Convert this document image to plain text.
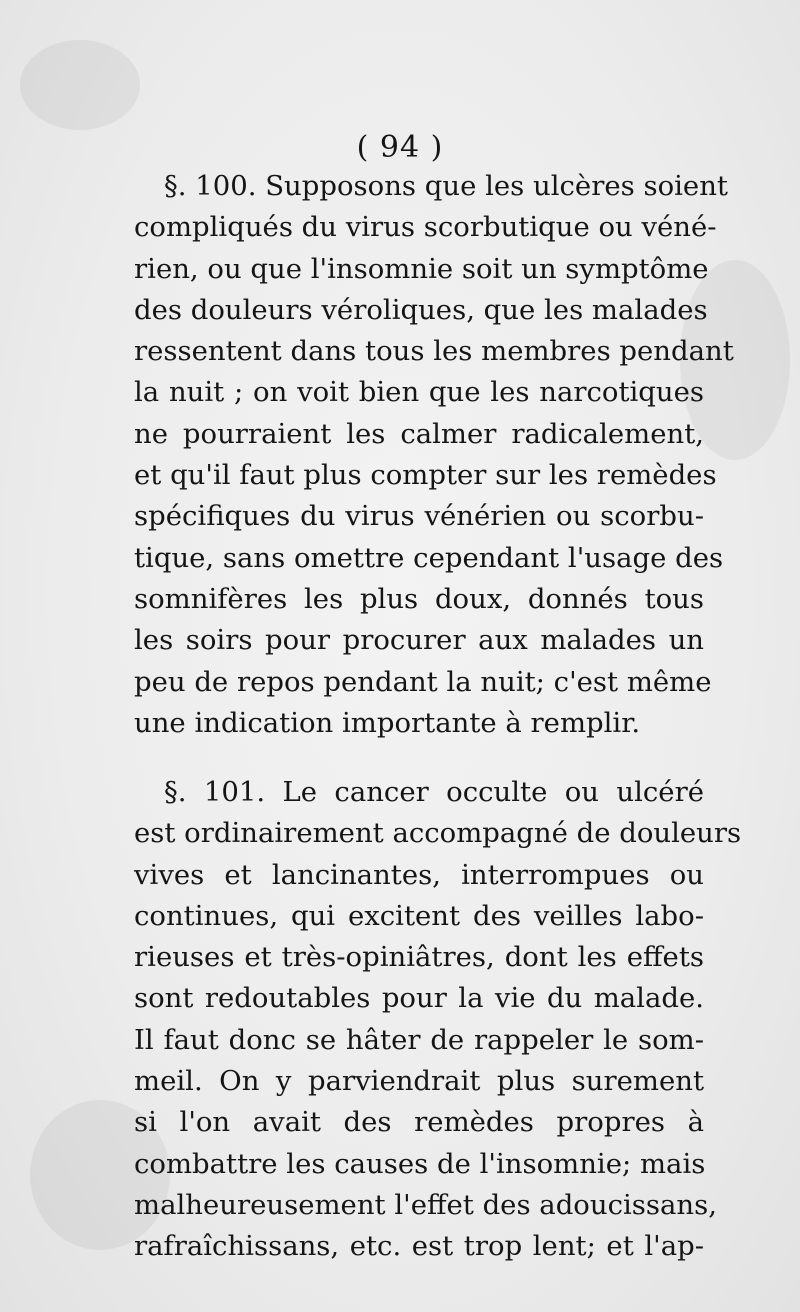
( 94 )
§. 100. Supposons que les ulcères soient
compliqués du virus scorbutique ou véné-
rien, ou que l'insomnie soit un symptôme
des douleurs véroliques, que les malades
ressentent dans tous les membres pendant
la nuit ; on voit bien que les narcotiques
ne pourraient les calmer radicalement,
et qu'il faut plus compter sur les remèdes
spécifiques du virus vénérien ou scorbu-
tique, sans omettre cependant l'usage des
somnifères les plus doux, donnés tous
les soirs pour procurer aux malades un
peu de repos pendant la nuit; c'est même
une indication importante à remplir.
§. 101. Le cancer occulte ou ulcéré
est ordinairement accompagné de douleurs
vives et lancinantes, interrompues ou
continues, qui excitent des veilles labo-
rieuses et très-opiniâtres, dont les effets
sont redoutables pour la vie du malade.
Il faut donc se hâter de rappeler le som-
meil. On y parviendrait plus surement
si l'on avait des remèdes propres à
combattre les causes de l'insomnie; mais
malheureusement l'effet des adoucissans,
rafraîchissans, etc. est trop lent; et l'ap-
